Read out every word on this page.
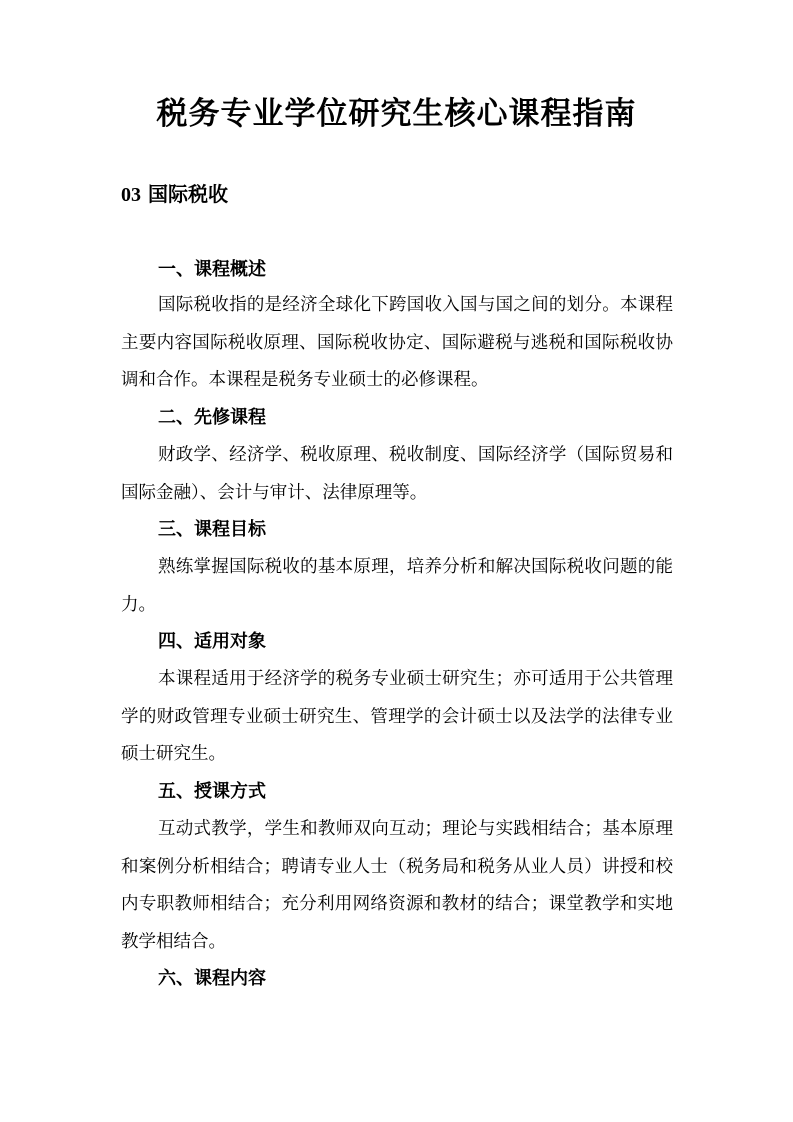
税务专业学位研究生核心课程指南
03 国际税收
一、课程概述

国际税收指的是经济全球化下跨国收入国与国之间的划分。本课程主要内容国际税收原理、国际税收协定、国际避税与逃税和国际税收协调和合作。本课程是税务专业硕士的必修课程。

二、先修课程

财政学、经济学、税收原理、税收制度、国际经济学（国际贸易和国际金融）、会计与审计、法律原理等。

三、课程目标

熟练掌握国际税收的基本原理，培养分析和解决国际税收问题的能力。

四、适用对象

本课程适用于经济学的税务专业硕士研究生；亦可适用于公共管理学的财政管理专业硕士研究生、管理学的会计硕士以及法学的法律专业硕士研究生。

五、授课方式

互动式教学，学生和教师双向互动；理论与实践相结合；基本原理和案例分析相结合；聘请专业人士（税务局和税务从业人员）讲授和校内专职教师相结合；充分利用网络资源和教材的结合；课堂教学和实地教学相结合。

六、课程内容
